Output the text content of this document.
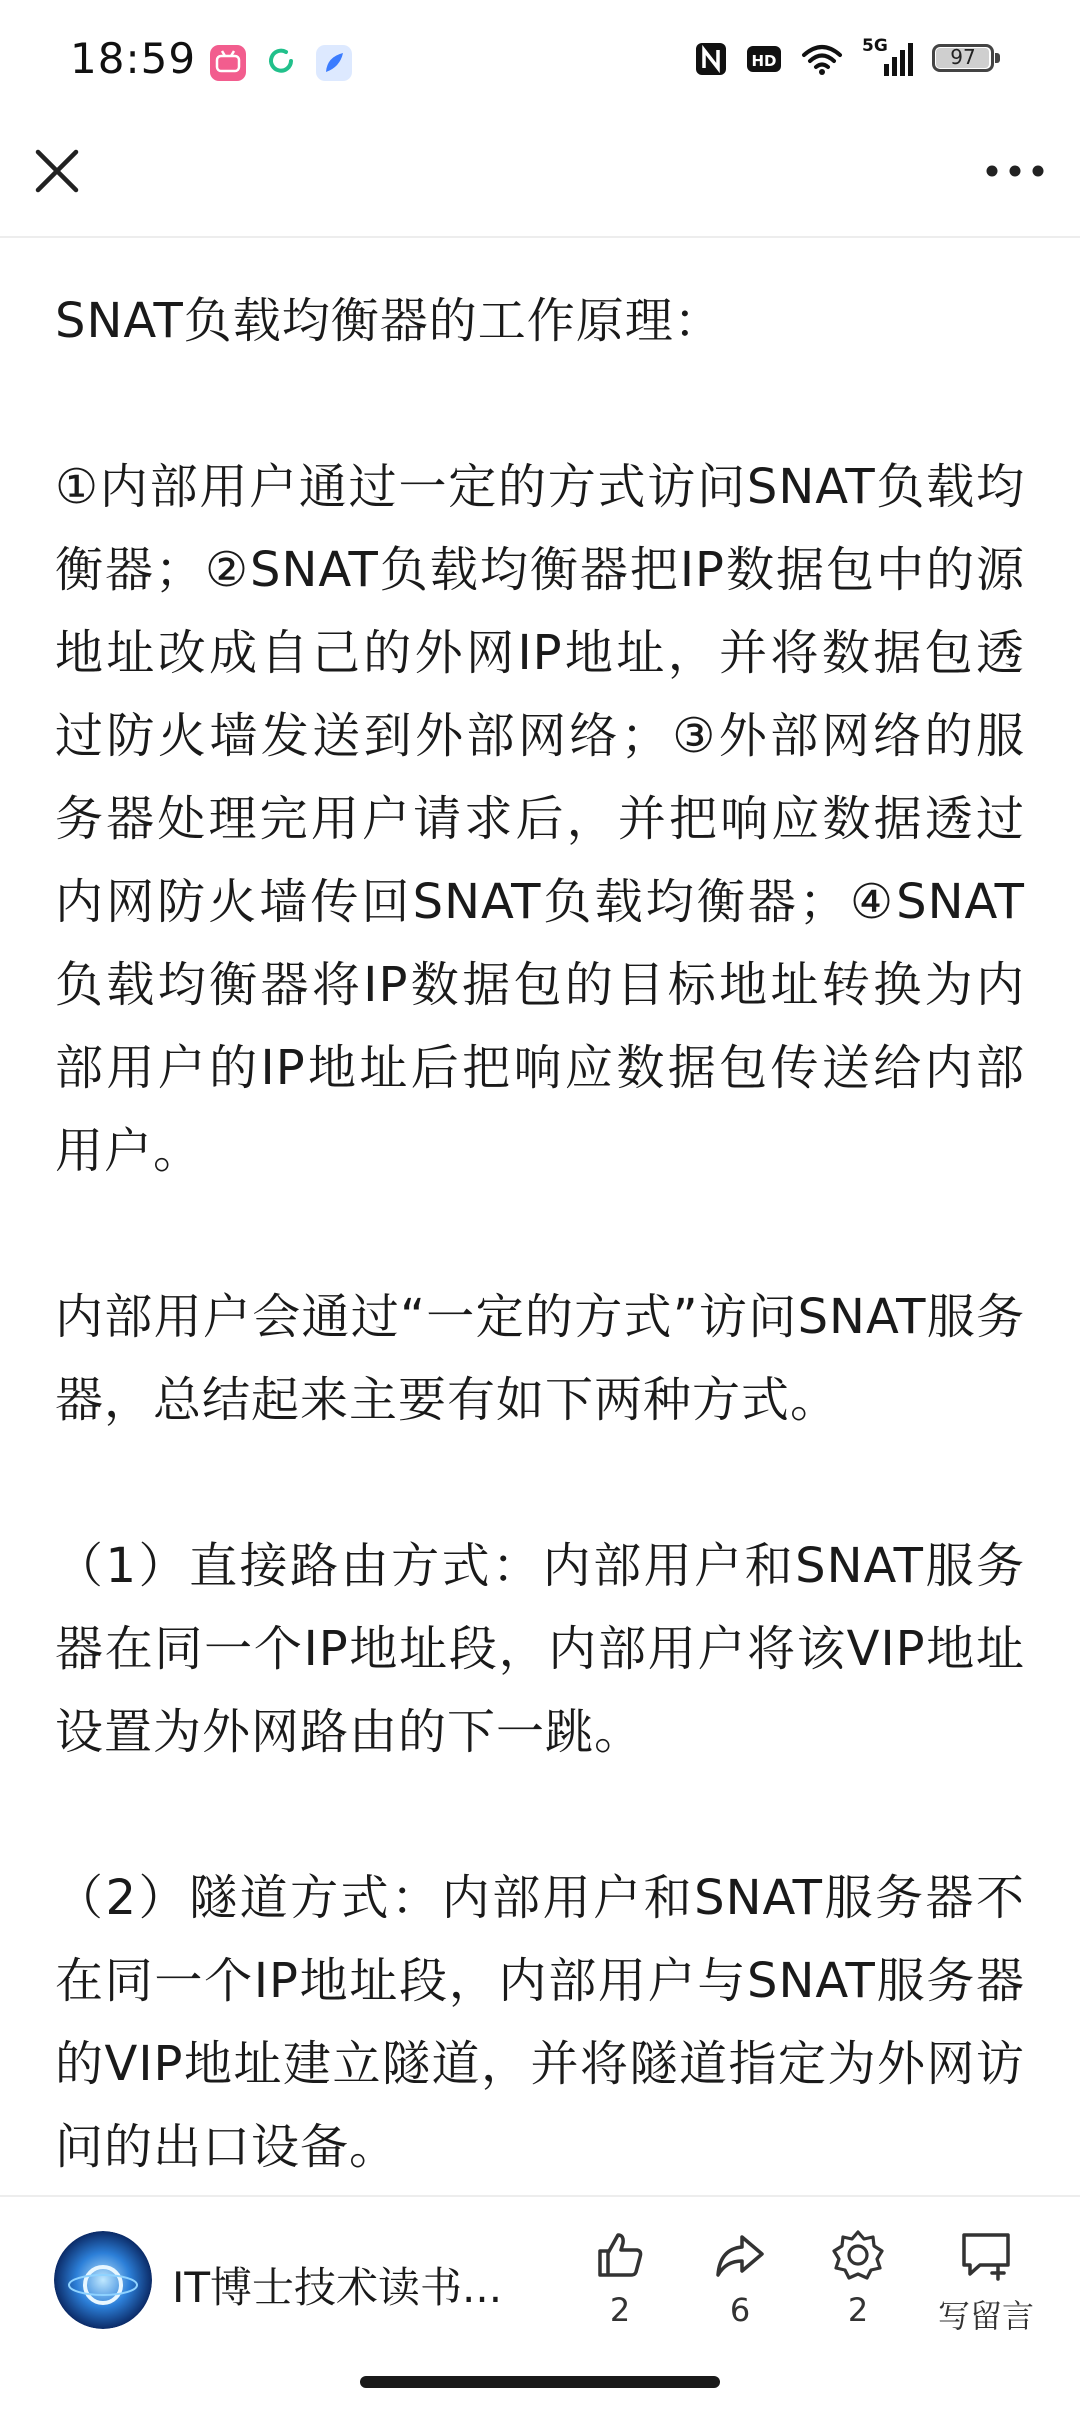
18:59	HD
5G	97

SNAT负载均衡器的工作原理：

①内部用户通过一定的方式访问SNAT负载均衡器；②SNAT负载均衡器把IP数据包中的源地址改成自己的外网IP地址，并将数据包透过防火墙发送到外部网络；③外部网络的服务器处理完用户请求后，并把响应数据透过内网防火墙传回SNAT负载均衡器；④SNAT负载均衡器将IP数据包的目标地址转换为内部用户的IP地址后把响应数据包传送给内部用户。

内部用户会通过“一定的方式”访问SNAT服务器，总结起来主要有如下两种方式。

（1）直接路由方式：内部用户和SNAT服务器在同一个IP地址段，内部用户将该VIP地址设置为外网路由的下一跳。

（2）隧道方式：内部用户和SNAT服务器不在同一个IP地址段，内部用户与SNAT服务器的VIP地址建立隧道，并将隧道指定为外网访问的出口设备。

IT博士技术读书...	2	6	2	写留言
